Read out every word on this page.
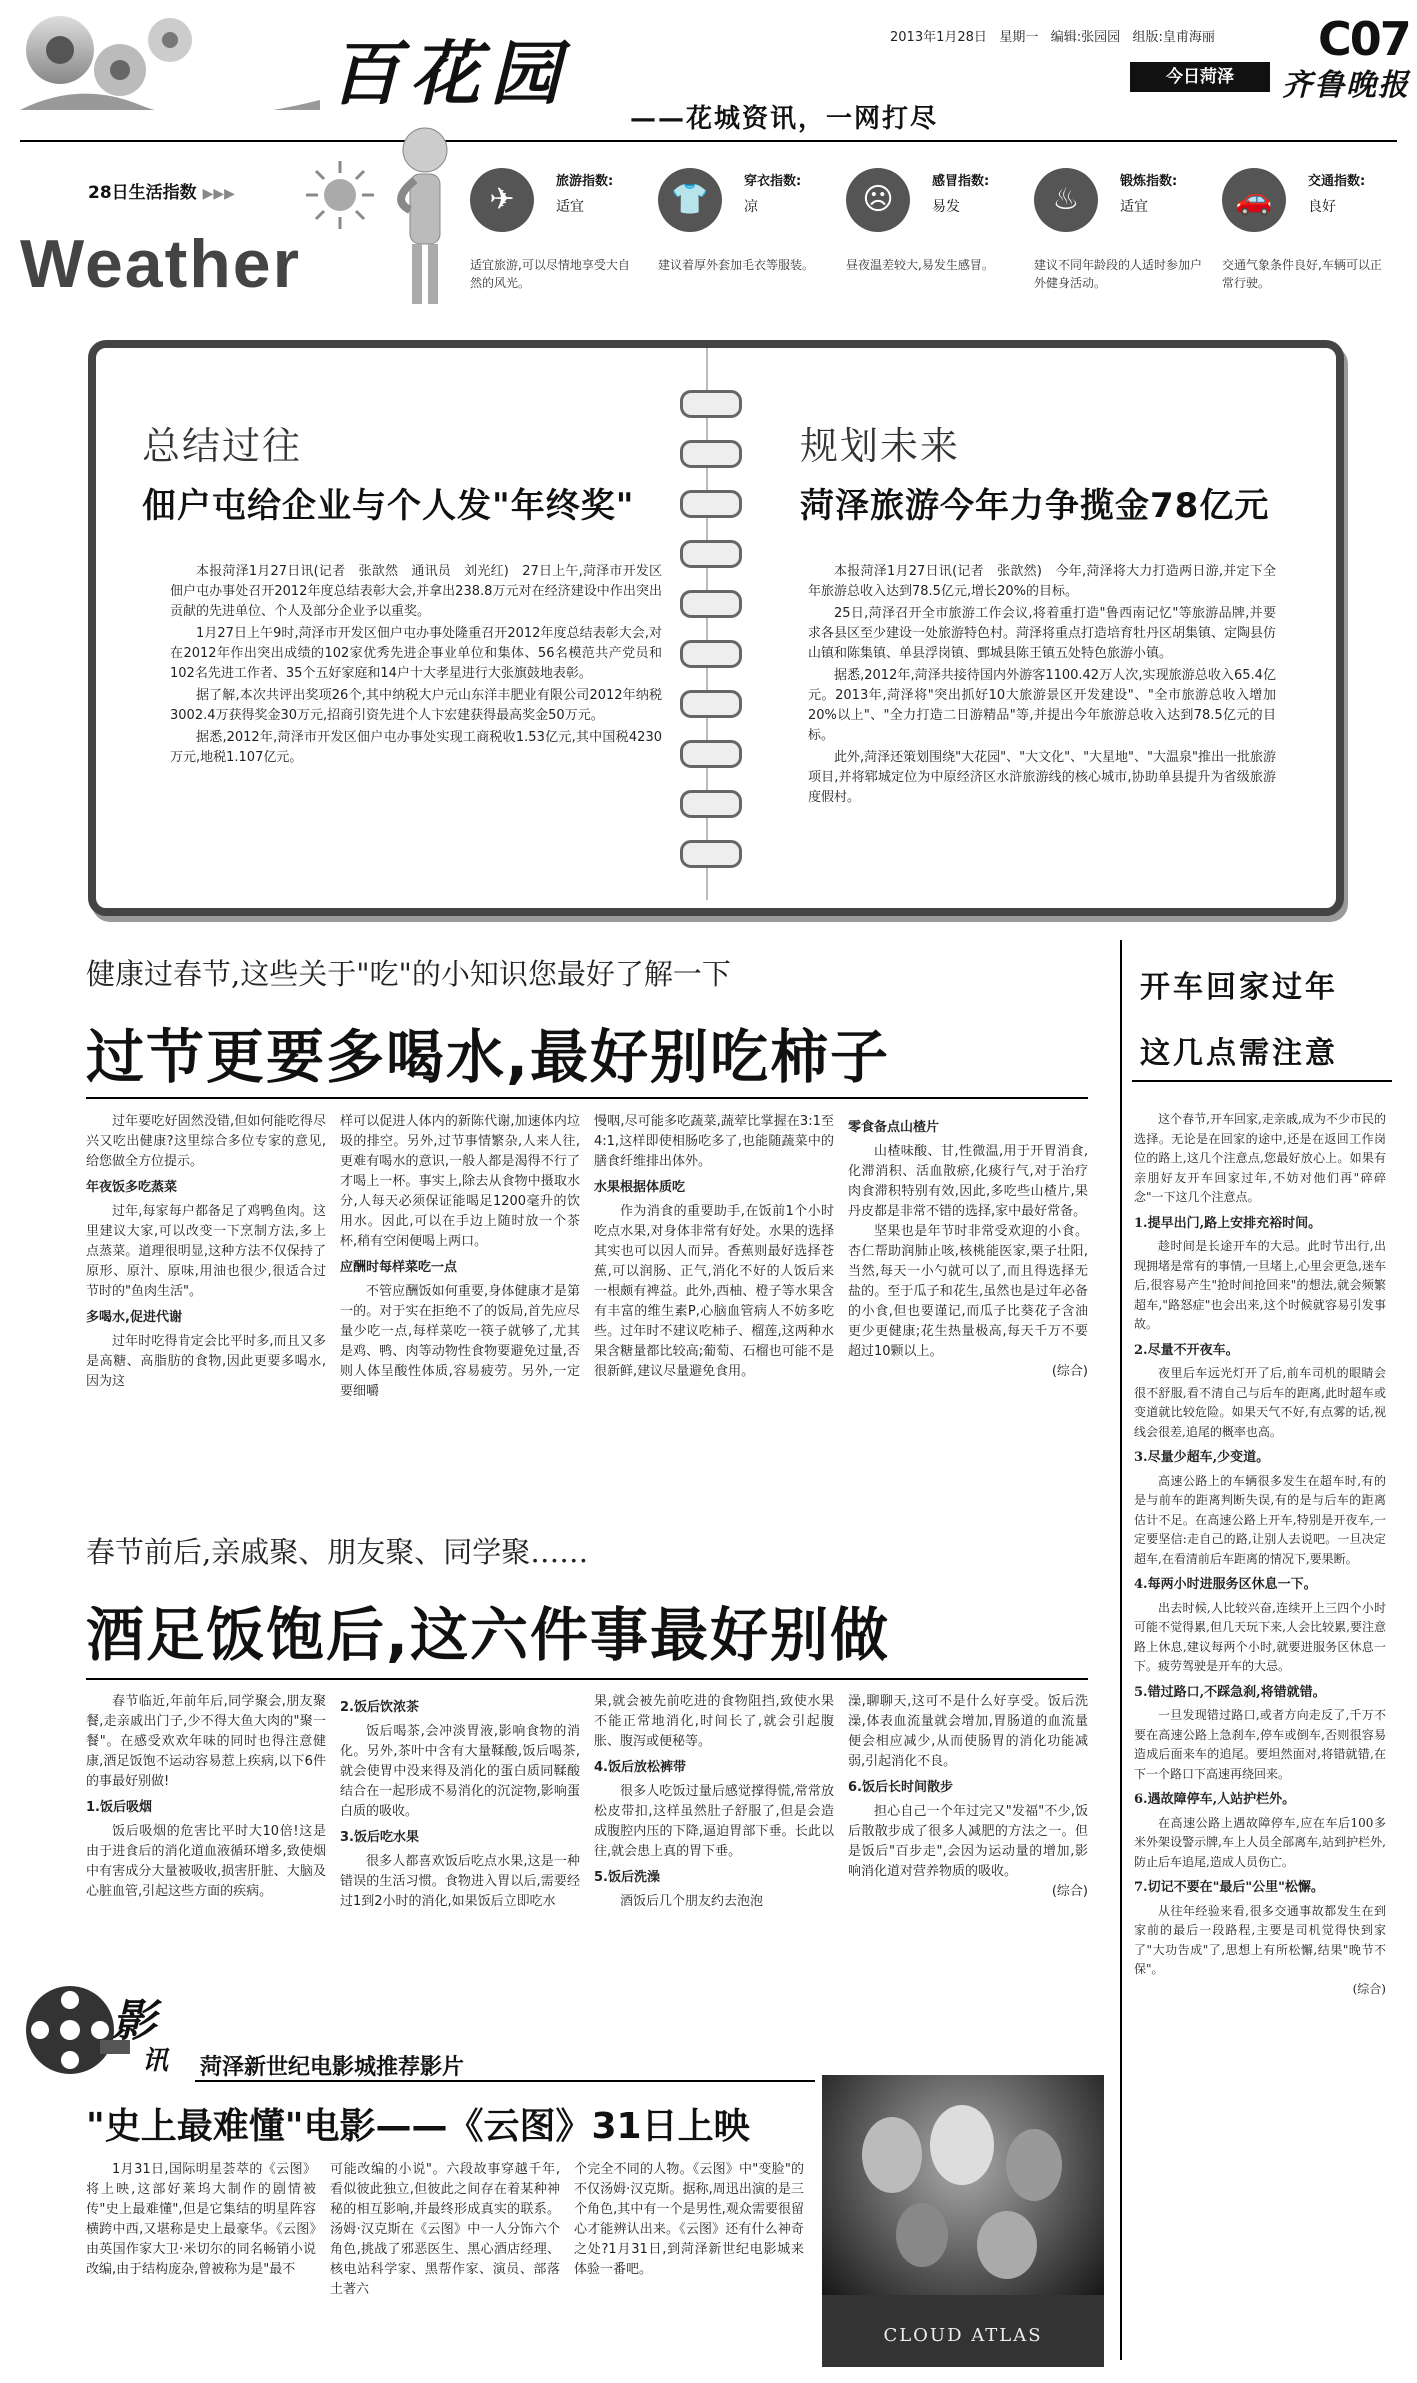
2013年1月28日 星期一 编辑:张园园 组版:皇甫海丽 C07
今日菏泽	齐鲁晚报
百花园
——花城资讯，一网打尽
28日生活指数 ▶▶▶
Weather
✈
旅游指数:
适宜
适宜旅游,可以尽情地享受大自然的风光。
👕
穿衣指数:
凉
建议着厚外套加毛衣等服装。
☹
感冒指数:
易发
昼夜温差较大,易发生感冒。
♨
锻炼指数:
适宜
建议不同年龄段的人适时参加户外健身活动。
🚗
交通指数:
良好
交通气象条件良好,车辆可以正常行驶。
总结过往
佃户屯给企业与个人发"年终奖"

本报菏泽1月27日讯(记者　张歆然　通讯员　刘光红)　27日上午,菏泽市开发区佃户屯办事处召开2012年度总结表彰大会,并拿出238.8万元对在经济建设中作出突出贡献的先进单位、个人及部分企业予以重奖。

1月27日上午9时,菏泽市开发区佃户屯办事处隆重召开2012年度总结表彰大会,对在2012年作出突出成绩的102家优秀先进企事业单位和集体、56名模范共产党员和102名先进工作者、35个五好家庭和14户十大孝星进行大张旗鼓地表彰。

据了解,本次共评出奖项26个,其中纳税大户元山东洋丰肥业有限公司2012年纳税3002.4万获得奖金30万元,招商引资先进个人卞宏建获得最高奖金50万元。

据悉,2012年,菏泽市开发区佃户屯办事处实现工商税收1.53亿元,其中国税4230万元,地税1.107亿元。

规划未来
菏泽旅游今年力争揽金78亿元

本报菏泽1月27日讯(记者　张歆然)　今年,菏泽将大力打造两日游,并定下全年旅游总收入达到78.5亿元,增长20%的目标。

25日,菏泽召开全市旅游工作会议,将着重打造"鲁西南记忆"等旅游品牌,并要求各县区至少建设一处旅游特色村。菏泽将重点打造培育牡丹区胡集镇、定陶县仿山镇和陈集镇、单县浮岗镇、鄄城县陈王镇五处特色旅游小镇。

据悉,2012年,菏泽共接待国内外游客1100.42万人次,实现旅游总收入65.4亿元。2013年,菏泽将"突出抓好10大旅游景区开发建设"、"全市旅游总收入增加20%以上"、"全力打造二日游精品"等,并提出今年旅游总收入达到78.5亿元的目标。

此外,菏泽还策划围绕"大花园"、"大文化"、"大星地"、"大温泉"推出一批旅游项目,并将郓城定位为中原经济区水浒旅游线的核心城市,协助单县提升为省级旅游度假村。

健康过春节,这些关于"吃"的小知识您最好了解一下
过节更要多喝水,最好别吃柿子

过年要吃好固然没错,但如何能吃得尽兴又吃出健康?这里综合多位专家的意见,给您做全方位提示。

年夜饭多吃蒸菜

过年,每家每户都备足了鸡鸭鱼肉。这里建议大家,可以改变一下烹制方法,多上点蒸菜。道理很明显,这种方法不仅保持了原形、原汁、原味,用油也很少,很适合过节时的"鱼肉生活"。

多喝水,促进代谢

过年时吃得肯定会比平时多,而且又多是高糖、高脂肪的食物,因此更要多喝水,因为这

样可以促进人体内的新陈代谢,加速体内垃圾的排空。另外,过节事情繁杂,人来人往,更难有喝水的意识,一般人都是渴得不行了才喝上一杯。事实上,除去从食物中摄取水分,人每天必须保证能喝足1200毫升的饮用水。因此,可以在手边上随时放一个茶杯,稍有空闲便喝上两口。

应酬时每样菜吃一点

不管应酬饭如何重要,身体健康才是第一的。对于实在拒绝不了的饭局,首先应尽量少吃一点,每样菜吃一筷子就够了,尤其是鸡、鸭、肉等动物性食物要避免过量,否则人体呈酸性体质,容易疲劳。另外,一定要细嚼

慢咽,尽可能多吃蔬菜,蔬荤比掌握在3:1至4:1,这样即使相肠吃多了,也能随蔬菜中的膳食纤维排出体外。

水果根据体质吃

作为消食的重要助手,在饭前1个小时吃点水果,对身体非常有好处。水果的选择其实也可以因人而异。香蕉则最好选择苍蕉,可以润肠、正气,消化不好的人饭后来一根颇有裨益。此外,西柚、橙子等水果含有丰富的维生素P,心脑血管病人不妨多吃些。过年时不建议吃柿子、榴莲,这两种水果含糖量都比较高;葡萄、石榴也可能不是很新鲜,建议尽量避免食用。

零食备点山楂片

山楂味酸、甘,性微温,用于开胃消食,化滞消积、活血散瘀,化痰行气,对于治疗肉食滞积特别有效,因此,多吃些山楂片,果丹皮都是非常不错的选择,家中最好常备。

坚果也是年节时非常受欢迎的小食。杏仁帮助润肺止咳,核桃能医家,栗子壮阳,当然,每天一小勺就可以了,而且得选择无盐的。至于瓜子和花生,虽然也是过年必备的小食,但也要谨记,而瓜子比葵花子含油更少更健康;花生热量极高,每天千万不要超过10颗以上。

(综合)
春节前后,亲戚聚、朋友聚、同学聚……
酒足饭饱后,这六件事最好别做

春节临近,年前年后,同学聚会,朋友聚餐,走亲戚出门子,少不得大鱼大肉的"聚一餐"。在感受欢欢年味的同时也得注意健康,酒足饭饱不运动容易惹上疾病,以下6件的事最好别做!

1.饭后吸烟

饭后吸烟的危害比平时大10倍!这是由于进食后的消化道血液循环增多,致使烟中有害成分大量被吸收,损害肝脏、大脑及心脏血管,引起这些方面的疾病。

2.饭后饮浓茶

饭后喝茶,会冲淡胃液,影响食物的消化。另外,茶叶中含有大量鞣酸,饭后喝茶,就会使胃中没来得及消化的蛋白质同鞣酸结合在一起形成不易消化的沉淀物,影响蛋白质的吸收。

3.饭后吃水果

很多人都喜欢饭后吃点水果,这是一种错误的生活习惯。食物进入胃以后,需要经过1到2小时的消化,如果饭后立即吃水

果,就会被先前吃进的食物阻挡,致使水果不能正常地消化,时间长了,就会引起腹胀、腹泻或便秘等。

4.饭后放松裤带

很多人吃饭过量后感觉撑得慌,常常放松皮带扣,这样虽然肚子舒服了,但是会造成腹腔内压的下降,逼迫胃部下垂。长此以往,就会患上真的胃下垂。

5.饭后洗澡

酒饭后几个朋友约去泡泡

澡,聊聊天,这可不是什么好享受。饭后洗澡,体表血流量就会增加,胃肠道的血流量便会相应减少,从而使肠胃的消化功能减弱,引起消化不良。

6.饭后长时间散步

担心自己一个年过完又"发福"不少,饭后散散步成了很多人减肥的方法之一。但是饭后"百步走",会因为运动量的增加,影响消化道对营养物质的吸收。

(综合)
开车回家过年
这几点需注意

这个春节,开车回家,走亲戚,成为不少市民的选择。无论是在回家的途中,还是在返回工作岗位的路上,这几个注意点,您最好放心上。如果有亲朋好友开车回家过年,不妨对他们再"碎碎念"一下这几个注意点。

1.提早出门,路上安排充裕时间。

趁时间是长途开车的大忌。此时节出行,出现拥堵是常有的事情,一旦堵上,心里会更急,迷车后,很容易产生"抢时间抢回来"的想法,就会频繁超车,"路怒症"也会出来,这个时候就容易引发事故。

2.尽量不开夜车。

夜里后车远光灯开了后,前车司机的眼睛会很不舒服,看不清自己与后车的距离,此时超车或变道就比较危险。如果天气不好,有点雾的话,视线会很差,追尾的概率也高。

3.尽量少超车,少变道。

高速公路上的车辆很多发生在超车时,有的是与前车的距离判断失误,有的是与后车的距离估计不足。在高速公路上开车,特别是开夜车,一定要坚信:走自己的路,让别人去说吧。一旦决定超车,在看清前后车距离的情况下,要果断。

4.每两小时进服务区休息一下。

出去时候,人比较兴奋,连续开上三四个小时可能不觉得累,但几天玩下来,人会比较累,要注意路上休息,建议每两个小时,就要进服务区休息一下。疲劳驾驶是开车的大忌。

5.错过路口,不踩急刹,将错就错。

一旦发现错过路口,或者方向走反了,千万不要在高速公路上急刹车,停车或倒车,否则很容易造成后面来车的追尾。要坦然面对,将错就错,在下一个路口下高速再绕回来。

6.遇故障停车,人站护栏外。

在高速公路上遇故障停车,应在车后100多米外架设警示牌,车上人员全部离车,站到护栏外,防止后车追尾,造成人员伤亡。

7.切记不要在"最后"公里"松懈。

从往年经验来看,很多交通事故都发生在到家前的最后一段路程,主要是司机觉得快到家了"大功告成"了,思想上有所松懈,结果"晚节不保"。

(综合)
影
讯 菏泽新世纪电影城推荐影片
"史上最难懂"电影——《云图》31日上映

1月31日,国际明星荟萃的《云图》将上映,这部好莱坞大制作的剧情被传"史上最难懂",但是它集结的明星阵容横跨中西,又堪称是史上最豪华。《云图》由英国作家大卫·米切尔的同名畅销小说改编,由于结构庞杂,曾被称为是"最不

可能改编的小说"。六段故事穿越千年,看似彼此独立,但彼此之间存在着某种神秘的相互影响,并最终形成真实的联系。汤姆·汉克斯在《云图》中一人分饰六个角色,挑战了邪恶医生、黑心酒店经理、核电站科学家、黑帮作家、演员、部落土著六

个完全不同的人物。《云图》中"变脸"的不仅汤姆·汉克斯。据称,周迅出演的是三个角色,其中有一个是男性,观众需要很留心才能辨认出来。《云图》还有什么神奇之处?1月31日,到菏泽新世纪电影城来体验一番吧。

CLOUD ATLAS
